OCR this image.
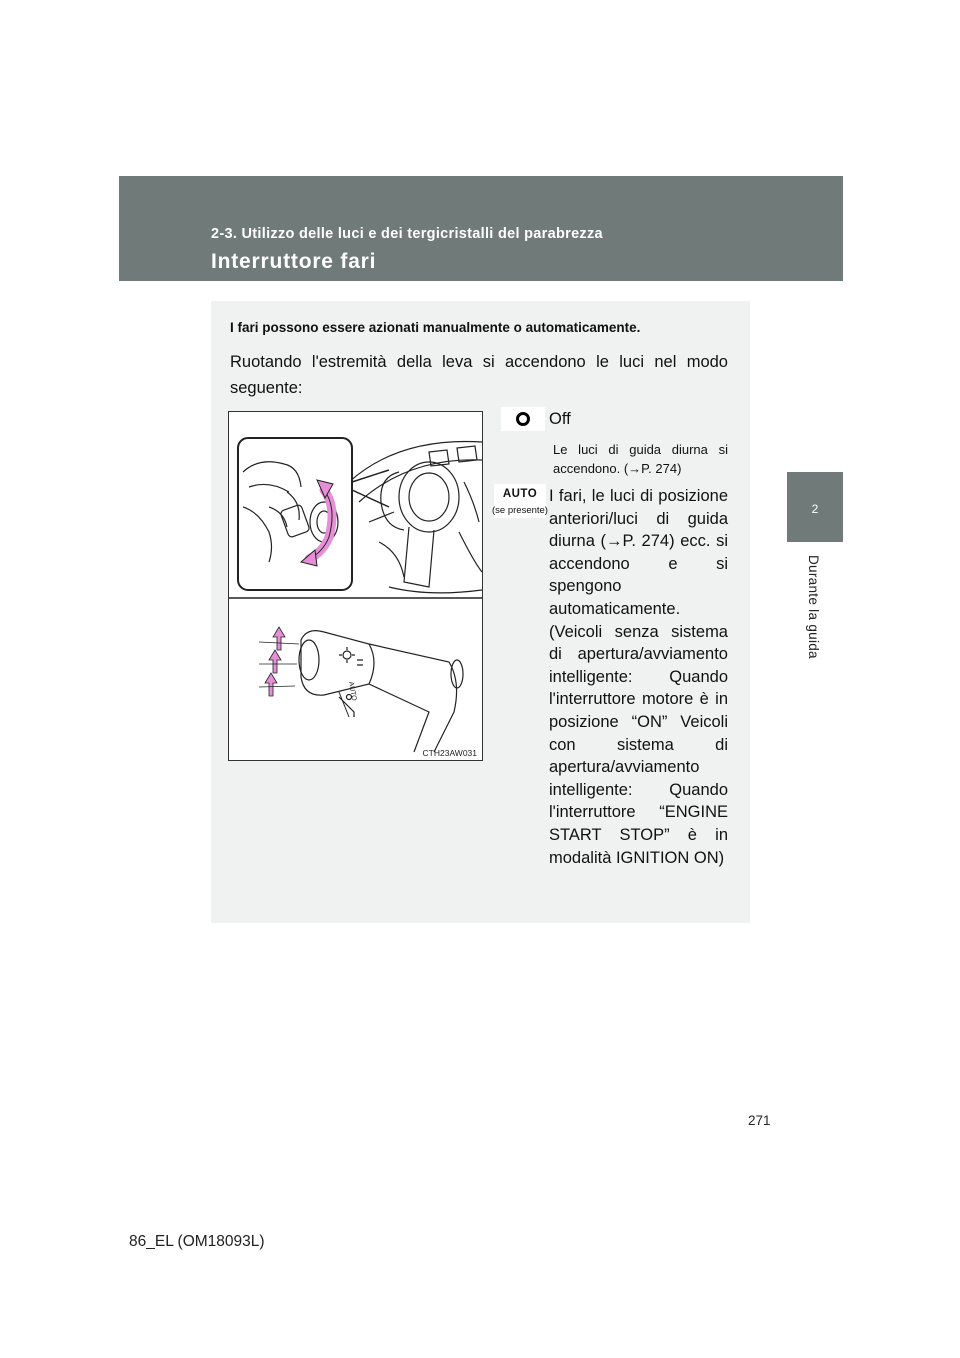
2-3. Utilizzo delle luci e dei tergicristalli del parabrezza

Interruttore fari
2
Durante la guida

I fari possono essere azionati manualmente o automaticamente.

Ruotando l'estremità della leva si accendono le luci nel modo seguente:

AUTO
CTH23AW031

Off

Le luci di guida diurna si accendono. (→P. 274)

AUTO
(se presente)

I fari, le luci di posizione anteriori/luci di guida diurna (→P. 274) ecc. si accendono e si spengono automaticamente. (Veicoli senza sistema di apertura/avviamento intelligente: Quando l'interruttore motore è in posizione “ON” Veicoli con sistema di apertura/avviamento intelligente: Quando l'interruttore “ENGINE START STOP” è in modalità IGNITION ON)

271
86_EL (OM18093L)
